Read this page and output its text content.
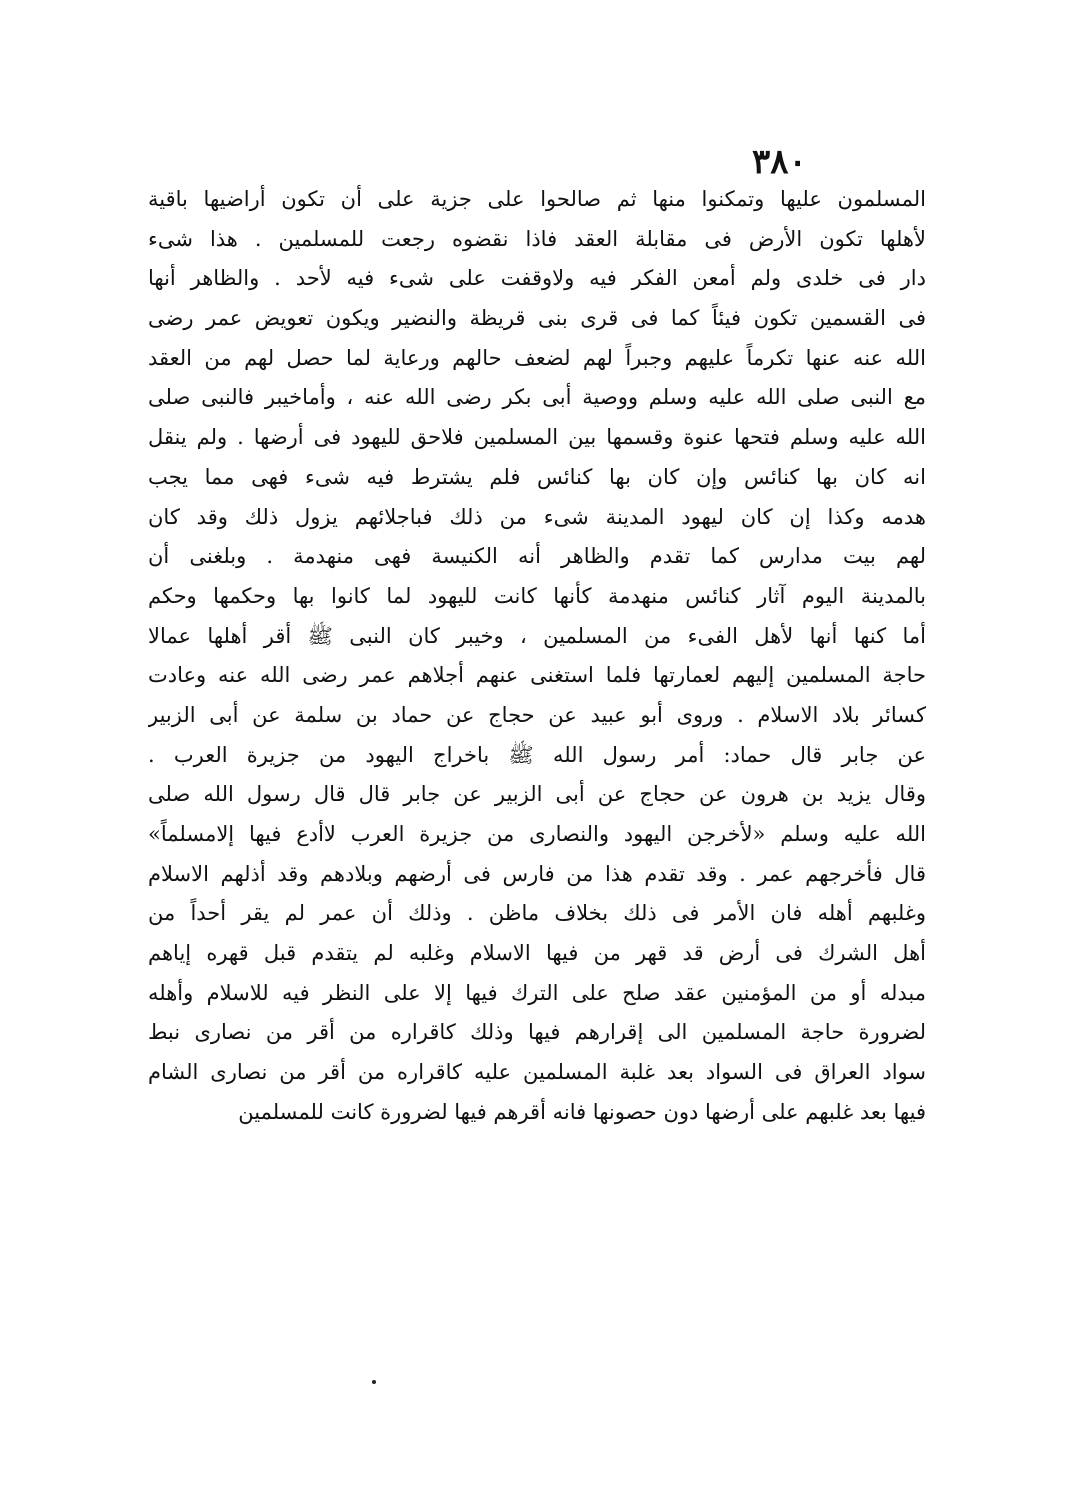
٣٨٠
المسلمون عليها وتمكنوا منها ثم صالحوا على جزية على أن تكون أراضيها باقية
لأهلها تكون الأرض فى مقابلة العقد فاذا نقضوه رجعت للمسلمين . هذا شىء
دار فى خلدى ولم أمعن الفكر فيه ولاوقفت على شىء فيه لأحد . والظاهر أنها
فى القسمين تكون فيئاً كما فى قرى بنى قريظة والنضير ويكون تعويض عمر رضى
الله عنه عنها تكرماً عليهم وجبراً لهم لضعف حالهم ورعاية لما حصل لهم من العقد
مع النبى صلى الله عليه وسلم ووصية أبى بكر رضى الله عنه ، وأماخيبر فالنبى صلى
الله عليه وسلم فتحها عنوة وقسمها بين المسلمين فلاحق لليهود فى أرضها . ولم ينقل
انه كان بها كنائس وإن كان بها كنائس فلم يشترط فيه شىء فهى مما يجب
هدمه وكذا إن كان ليهود المدينة شىء من ذلك فباجلائهم يزول ذلك وقد كان
لهم بيت مدارس كما تقدم والظاهر أنه الكنيسة فهى منهدمة . وبلغنى أن
بالمدينة اليوم آثار كنائس منهدمة كأنها كانت لليهود لما كانوا بها وحكمها وحكم
أما كنها أنها لأهل الفىء من المسلمين ، وخيبر كان النبى ﷺ أقر أهلها عمالا
حاجة المسلمين إليهم لعمارتها فلما استغنى عنهم أجلاهم عمر رضى الله عنه وعادت
كسائر بلاد الاسلام . وروى أبو عبيد عن حجاج عن حماد بن سلمة عن أبى الزبير
عن جابر قال حماد: أمر رسول الله ﷺ باخراج اليهود من جزيرة العرب .
وقال يزيد بن هرون عن حجاج عن أبى الزبير عن جابر قال قال رسول الله صلى
الله عليه وسلم «لأخرجن اليهود والنصارى من جزيرة العرب لاأدع فيها إلامسلماً»
قال فأخرجهم عمر . وقد تقدم هذا من فارس فى أرضهم وبلادهم وقد أذلهم الاسلام
وغلبهم أهله فان الأمر فى ذلك بخلاف ماظن . وذلك أن عمر لم يقر أحداً من
أهل الشرك فى أرض قد قهر من فيها الاسلام وغلبه لم يتقدم قبل قهره إياهم
مبدله أو من المؤمنين عقد صلح على الترك فيها إلا على النظر فيه للاسلام وأهله
لضرورة حاجة المسلمين الى إقرارهم فيها وذلك كاقراره من أقر من نصارى نبط
سواد العراق فى السواد بعد غلبة المسلمين عليه كاقراره من أقر من نصارى الشام
فيها بعد غلبهم على أرضها دون حصونها فانه أقرهم فيها لضرورة كانت للمسلمين
